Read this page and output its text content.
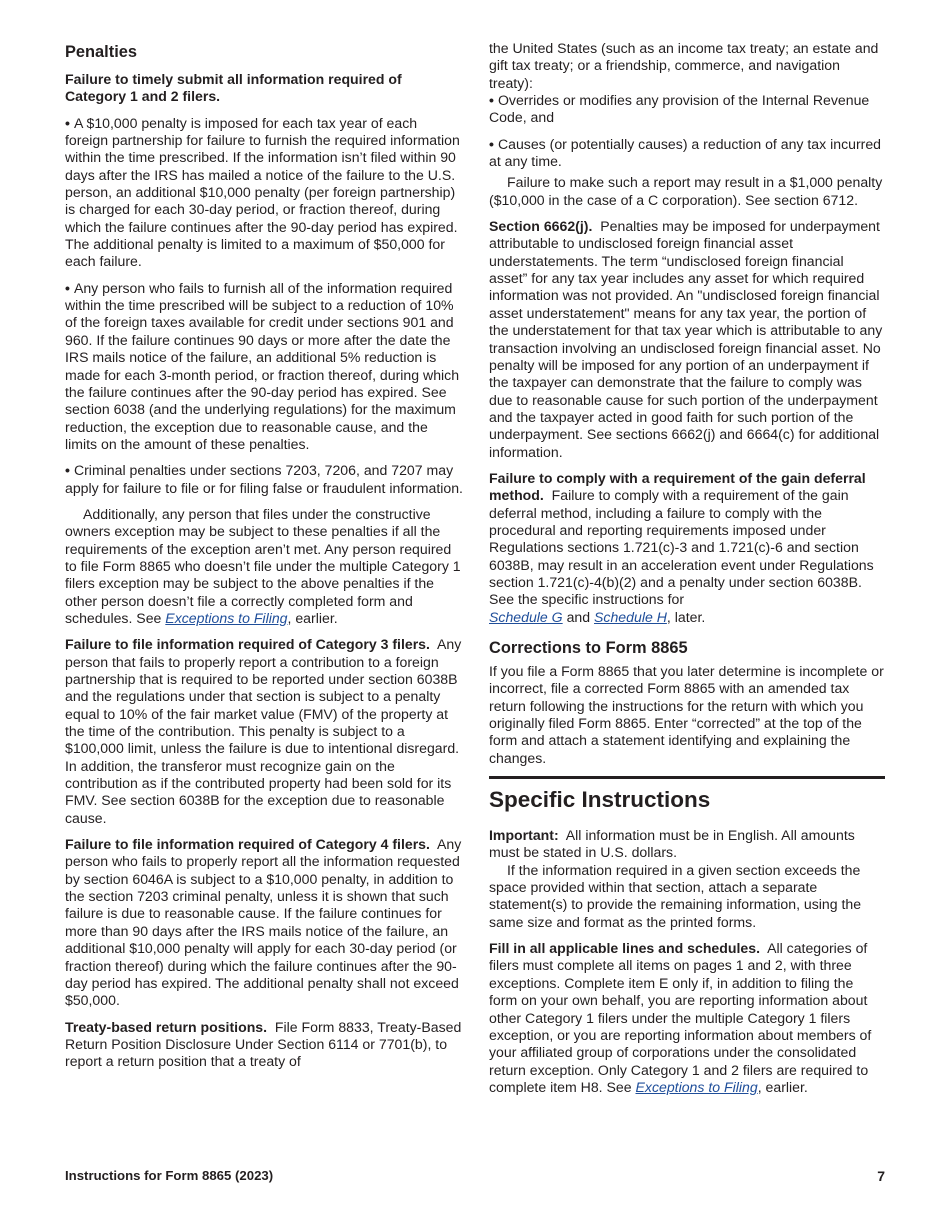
Penalties

Failure to timely submit all information required of Category 1 and 2 filers.

• A $10,000 penalty is imposed for each tax year of each foreign partnership for failure to furnish the required information within the time prescribed. If the information isn’t filed within 90 days after the IRS has mailed a notice of the failure to the U.S. person, an additional $10,000 penalty (per foreign partnership) is charged for each 30-day period, or fraction thereof, during which the failure continues after the 90-day period has expired. The additional penalty is limited to a maximum of $50,000 for each failure.

• Any person who fails to furnish all of the information required within the time prescribed will be subject to a reduction of 10% of the foreign taxes available for credit under sections 901 and 960. If the failure continues 90 days or more after the date the IRS mails notice of the failure, an additional 5% reduction is made for each 3-month period, or fraction thereof, during which the failure continues after the 90-day period has expired. See section 6038 (and the underlying regulations) for the maximum reduction, the exception due to reasonable cause, and the limits on the amount of these penalties.

• Criminal penalties under sections 7203, 7206, and 7207 may apply for failure to file or for filing false or fraudulent information.

Additionally, any person that files under the constructive owners exception may be subject to these penalties if all the requirements of the exception aren’t met. Any person required to file Form 8865 who doesn’t file under the multiple Category 1 filers exception may be subject to the above penalties if the other person doesn’t file a correctly completed form and schedules. See Exceptions to Filing, earlier.

Failure to file information required of Category 3 filers. Any person that fails to properly report a contribution to a foreign partnership that is required to be reported under section 6038B and the regulations under that section is subject to a penalty equal to 10% of the fair market value (FMV) of the property at the time of the contribution. This penalty is subject to a $100,000 limit, unless the failure is due to intentional disregard. In addition, the transferor must recognize gain on the contribution as if the contributed property had been sold for its FMV. See section 6038B for the exception due to reasonable cause.

Failure to file information required of Category 4 filers. Any person who fails to properly report all the information requested by section 6046A is subject to a $10,000 penalty, in addition to the section 7203 criminal penalty, unless it is shown that such failure is due to reasonable cause. If the failure continues for more than 90 days after the IRS mails notice of the failure, an additional $10,000 penalty will apply for each 30-day period (or fraction thereof) during which the failure continues after the 90-day period has expired. The additional penalty shall not exceed $50,000.

Treaty-based return positions. File Form 8833, Treaty-Based Return Position Disclosure Under Section 6114 or 7701(b), to report a return position that a treaty of

the United States (such as an income tax treaty; an estate and gift tax treaty; or a friendship, commerce, and navigation treaty):

• Overrides or modifies any provision of the Internal Revenue Code, and

• Causes (or potentially causes) a reduction of any tax incurred at any time.

Failure to make such a report may result in a $1,000 penalty ($10,000 in the case of a C corporation). See section 6712.

Section 6662(j). Penalties may be imposed for underpayment attributable to undisclosed foreign financial asset understatements. The term “undisclosed foreign financial asset” for any tax year includes any asset for which required information was not provided. An "undisclosed foreign financial asset understatement" means for any tax year, the portion of the understatement for that tax year which is attributable to any transaction involving an undisclosed foreign financial asset. No penalty will be imposed for any portion of an underpayment if the taxpayer can demonstrate that the failure to comply was due to reasonable cause for such portion of the underpayment and the taxpayer acted in good faith for such portion of the underpayment. See sections 6662(j) and 6664(c) for additional information.

Failure to comply with a requirement of the gain deferral method. Failure to comply with a requirement of the gain deferral method, including a failure to comply with the procedural and reporting requirements imposed under Regulations sections 1.721(c)-3 and 1.721(c)-6 and section 6038B, may result in an acceleration event under Regulations section 1.721(c)-4(b)(2) and a penalty under section 6038B. See the specific instructions for
Schedule G and Schedule H, later.

Corrections to Form 8865

If you file a Form 8865 that you later determine is incomplete or incorrect, file a corrected Form 8865 with an amended tax return following the instructions for the return with which you originally filed Form 8865. Enter “corrected” at the top of the form and attach a statement identifying and explaining the changes.

Specific Instructions

Important: All information must be in English. All amounts must be stated in U.S. dollars.

If the information required in a given section exceeds the space provided within that section, attach a separate statement(s) to provide the remaining information, using the same size and format as the printed forms.

Fill in all applicable lines and schedules. All categories of filers must complete all items on pages 1 and 2, with three exceptions. Complete item E only if, in addition to filing the form on your own behalf, you are reporting information about other Category 1 filers under the multiple Category 1 filers exception, or you are reporting information about members of your affiliated group of corporations under the consolidated return exception. Only Category 1 and 2 filers are required to complete item H8. See Exceptions to Filing, earlier.

Instructions for Form 8865 (2023)	7
